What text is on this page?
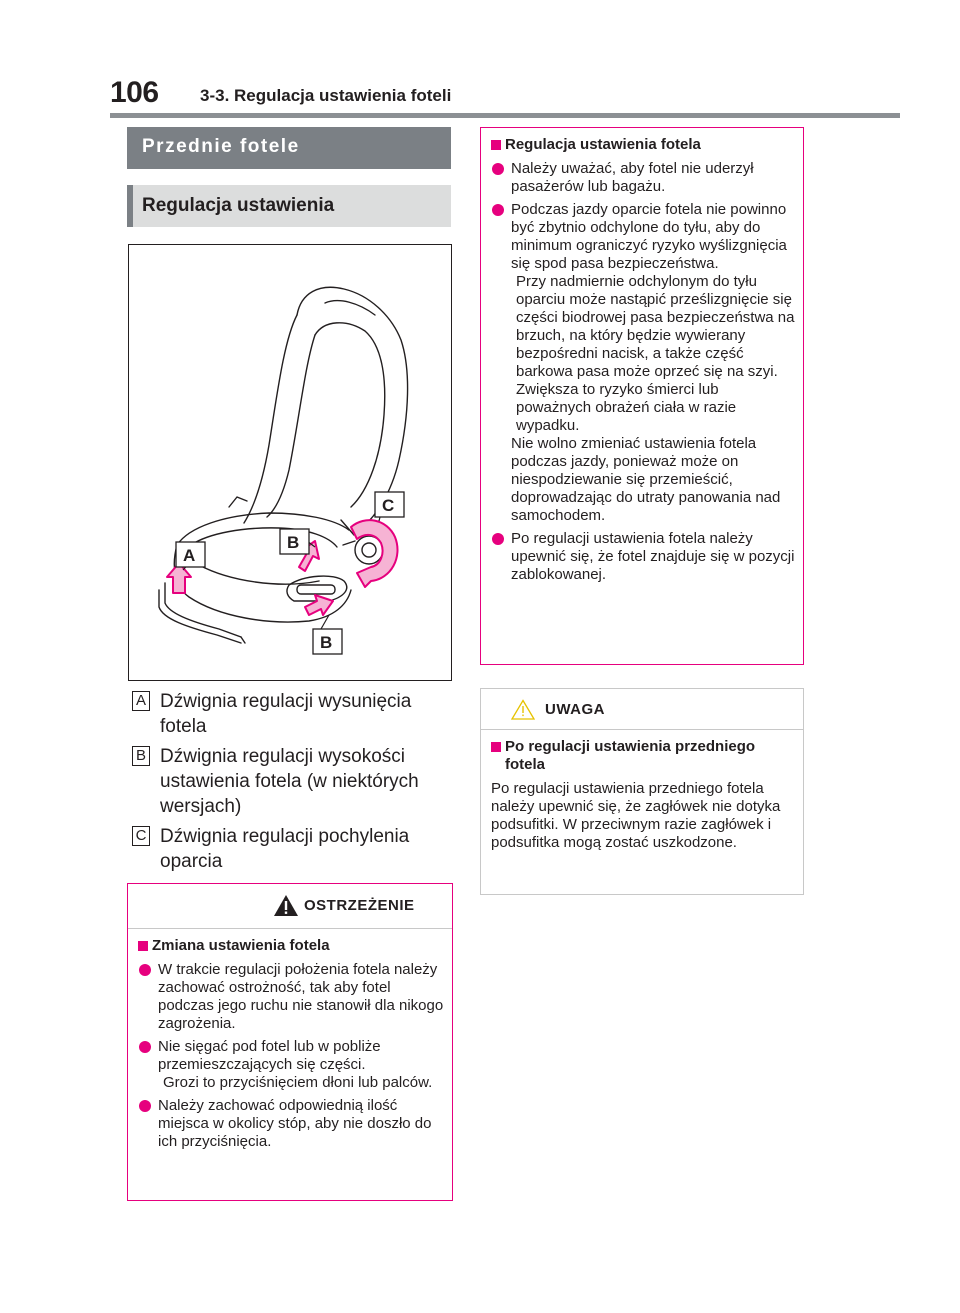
106 3-3. Regulacja ustawienia foteli
Przednie fotele
Regulacja ustawienia
A
B
C
B
A Dźwignia regulacji wysunięcia fotela
B Dźwignia regulacji wysokości ustawienia fotela (w niektórych wersjach)
C Dźwignia regulacji pochylenia oparcia
OSTRZEŻENIE
Zmiana ustawienia fotela
W trakcie regulacji położenia fotela należy zachować ostrożność, tak aby fotel podczas jego ruchu nie stanowił dla nikogo zagrożenia.
Nie sięgać pod fotel lub w pobliże przemieszczających się części.
Grozi to przyciśnięciem dłoni lub palców.
Należy zachować odpowiednią ilość miejsca w okolicy stóp, aby nie doszło do ich przyciśnięcia.
Regulacja ustawienia fotela
Należy uważać, aby fotel nie uderzył pasażerów lub bagażu.
Podczas jazdy oparcie fotela nie powinno być zbytnio odchylone do tyłu, aby do minimum ograniczyć ryzyko wyślizgnięcia się spod pasa bezpieczeństwa.
Przy nadmiernie odchylonym do tyłu oparciu może nastąpić prześlizgnięcie się części biodrowej pasa bezpieczeństwa na brzuch, na który będzie wywierany bezpośredni nacisk, a także część barkowa pasa może oprzeć się na szyi. Zwiększa to ryzyko śmierci lub poważnych obrażeń ciała w razie wypadku.
Nie wolno zmieniać ustawienia fotela podczas jazdy, ponieważ może on niespodziewanie się przemieścić, doprowadzając do utraty panowania nad samochodem.
Po regulacji ustawienia fotela należy upewnić się, że fotel znajduje się w pozycji zablokowanej.
UWAGA
Po regulacji ustawienia przedniego fotela
Po regulacji ustawienia przedniego fotela należy upewnić się, że zagłówek nie dotyka podsufitki. W przeciwnym razie zagłówek i podsufitka mogą zostać uszkodzone.
